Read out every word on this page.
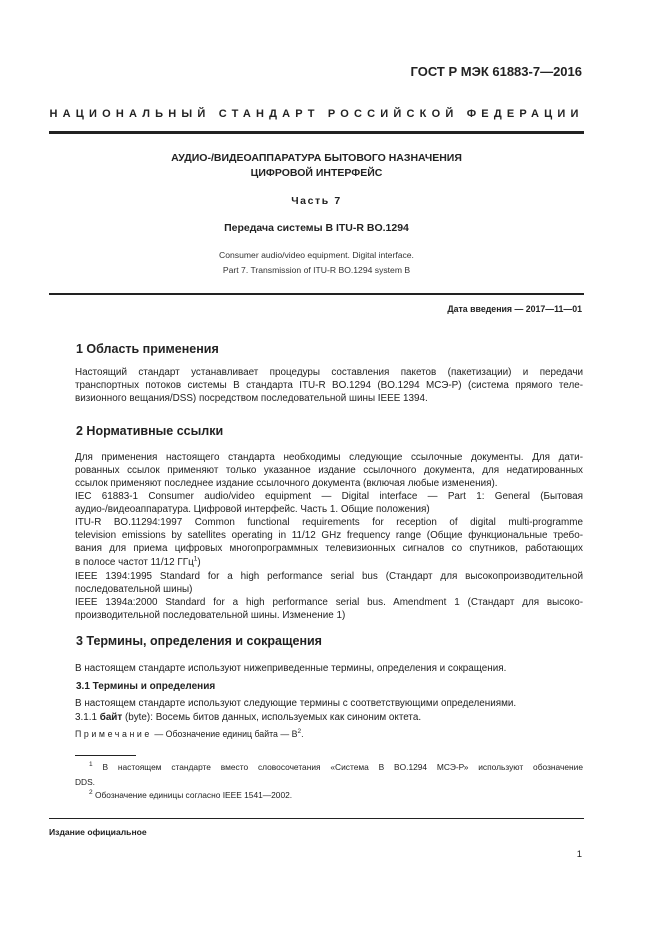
ГОСТ Р МЭК 61883-7—2016
НАЦИОНАЛЬНЫЙ СТАНДАРТ РОССИЙСКОЙ ФЕДЕРАЦИИ
АУДИО-/ВИДЕОАППАРАТУРА БЫТОВОГО НАЗНАЧЕНИЯ
ЦИФРОВОЙ ИНТЕРФЕЙС
Часть 7
Передача системы В ITU-R BO.1294
Consumer audio/video equipment. Digital interface.
Part 7. Transmission of ITU-R BO.1294 system B
Дата введения — 2017—11—01
1 Область применения
Настоящий стандарт устанавливает процедуры составления пакетов (пакетизации) и передачи
транспортных потоков системы В стандарта ITU-R BO.1294 (BO.1294 МСЭ-Р) (система прямого теле-
визионного вещания/DSS) посредством последовательной шины IEEE 1394.
2 Нормативные ссылки
Для применения настоящего стандарта необходимы следующие ссылочные документы. Для дати-
рованных ссылок применяют только указанное издание ссылочного документа, для недатированных
ссылок применяют последнее издание ссылочного документа (включая любые изменения).
IEC 61883-1 Consumer audio/video equipment — Digital interface — Part 1: General (Бытовая
аудио-/видеоаппаратура. Цифровой интерфейс. Часть 1. Общие положения)
ITU-R BO.11294:1997 Common functional requirements for reception of digital multi-programme
television emissions by satellites operating in 11/12 GHz frequency range (Общие функциональные требо-
вания для приема цифровых многопрограммных телевизионных сигналов со спутников, работающих
в полосе частот 11/12 ГГц$^1$)
IEEE 1394:1995 Standard for a high performance serial bus (Стандарт для высокопроизводительной
последовательной шины)
IEEE 1394a:2000 Standard for a high performance serial bus. Amendment 1 (Стандарт для высоко-
производительной последовательной шины. Изменение 1)
3 Термины, определения и сокращения
В настоящем стандарте используют нижеприведенные термины, определения и сокращения.
3.1 Термины и определения
В настоящем стандарте используют следующие термины с соответствующими определениями.
3.1.1 байт (byte): Восемь битов данных, используемых как синоним октета.
Примечание — Обозначение единиц байта — $B^2$.
$^1$ В настоящем стандарте вместо словосочетания «Система В BO.1294 МСЭ-Р» используют обозначение
DDS.
$^2$ Обозначение единицы согласно IEEE 1541—2002.
Издание официальное
1
